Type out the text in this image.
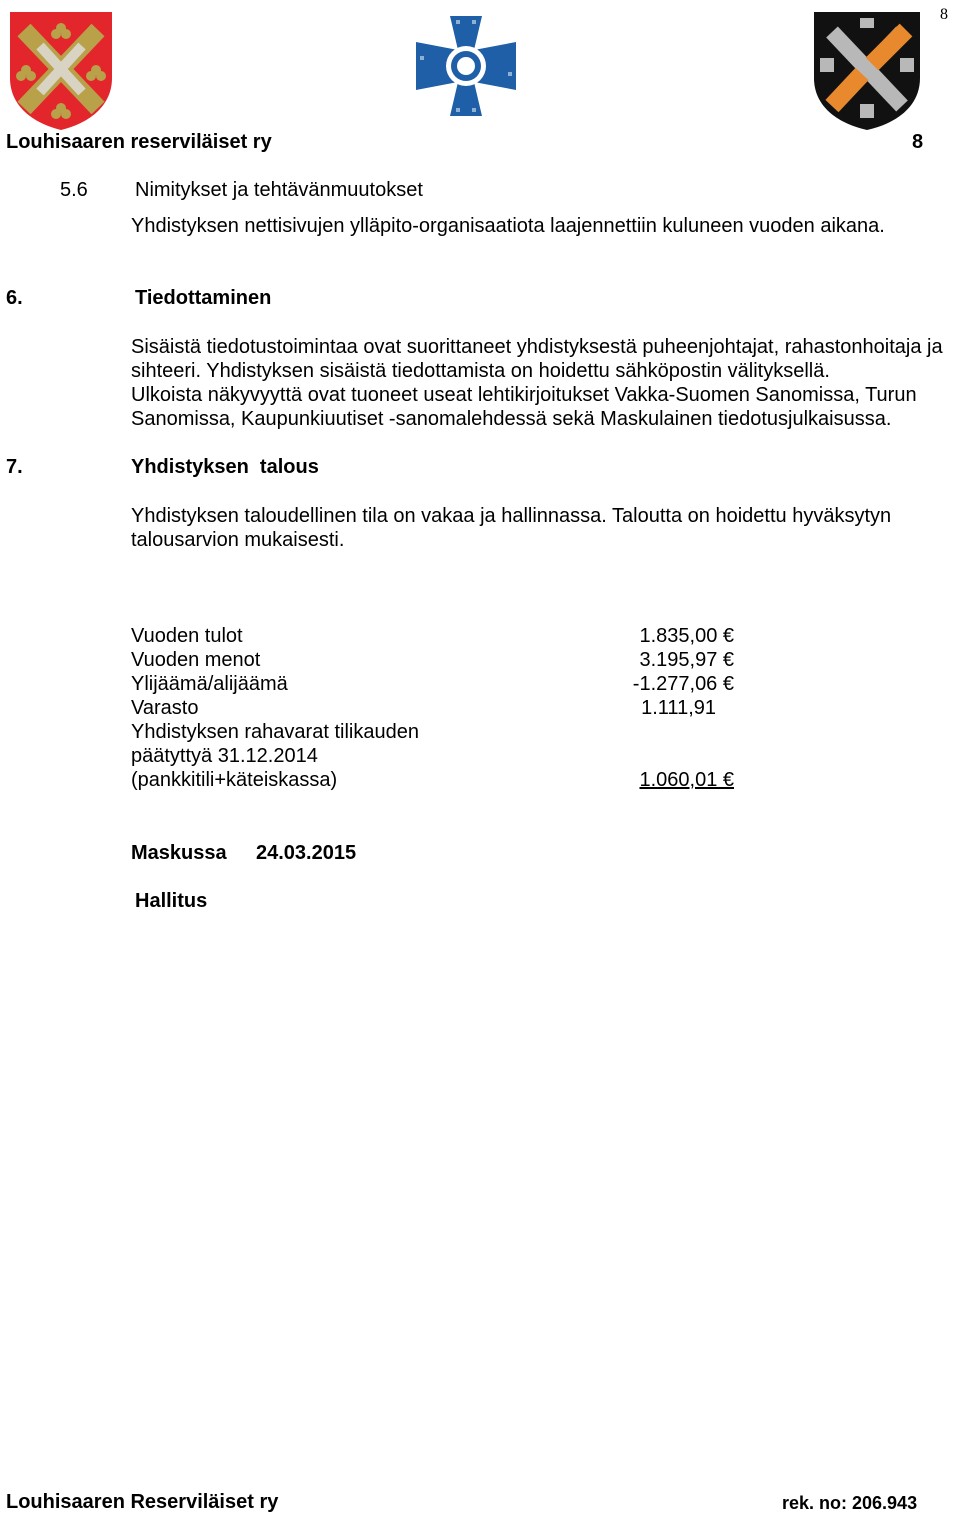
8
Louhisaaren reserviläiset ry	8
5.6 Nimitykset ja tehtävänmuutokset
Yhdistyksen nettisivujen ylläpito-organisaatiota laajennettiin kuluneen vuoden aikana.
6.	Tiedottaminen
Sisäistä tiedotustoimintaa ovat suorittaneet yhdistyksestä puheenjohtajat, rahastonhoitaja ja sihteeri. Yhdistyksen sisäistä tiedottamista on hoidettu sähköpostin välityksellä.
Ulkoista näkyvyyttä ovat tuoneet useat lehtikirjoitukset Vakka-Suomen Sanomissa, Turun Sanomissa, Kaupunkiuutiset -sanomalehdessä sekä Maskulainen tiedotusjulkaisussa.
7.	Yhdistyksen  talous
Yhdistyksen taloudellinen tila on vakaa ja hallinnassa. Taloutta on hoidettu hyväksytyn talousarvion mukaisesti.
Vuoden tulot	1.835,00 €
Vuoden menot	3.195,97 €
Ylijäämä/alijäämä	-1.277,06 €
Varasto	1.111,91
Yhdistyksen rahavarat tilikauden
päätyttyä 31.12.2014
(pankkitili+käteiskassa)	1.060,01 €
Maskussa 24.03.2015
Hallitus
Louhisaaren Reserviläiset ry	rek. no: 206.943
